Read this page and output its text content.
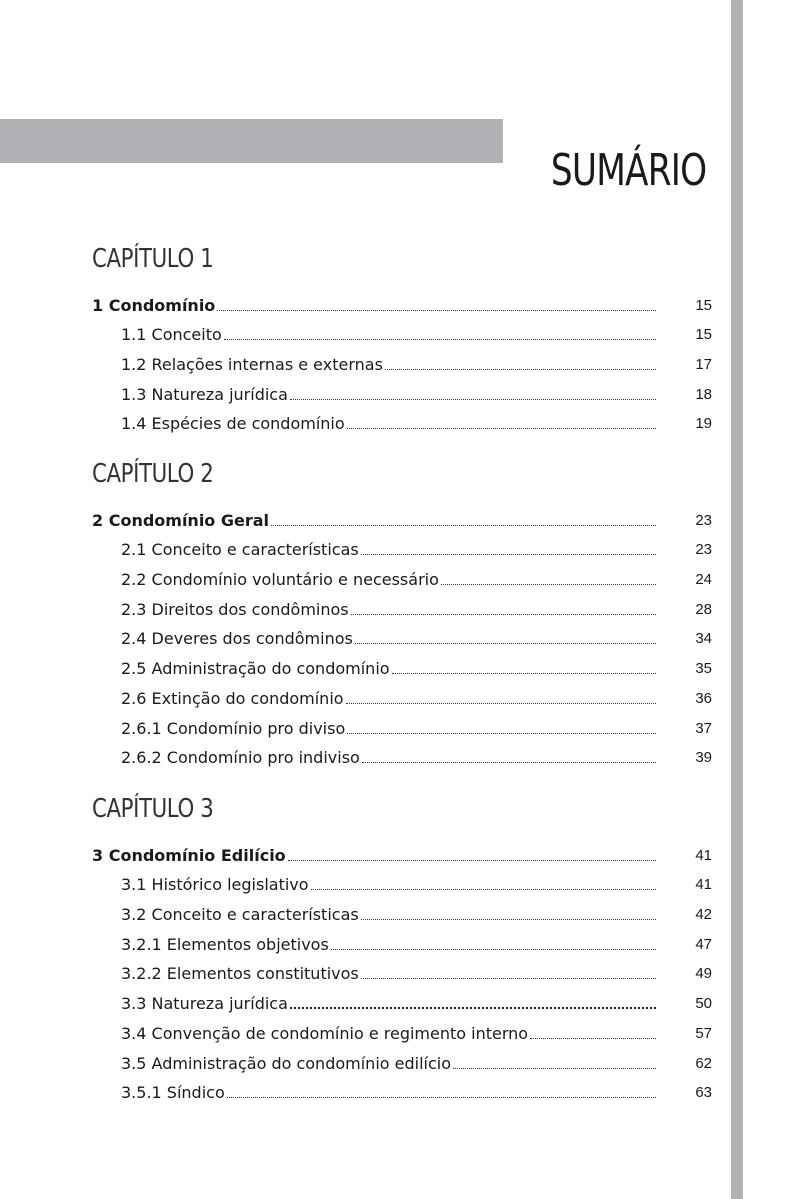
SUMÁRIO
CAPÍTULO 1
1 Condomínio	15
1.1 Conceito	15
1.2 Relações internas e externas	17
1.3 Natureza jurídica	18
1.4 Espécies de condomínio	19
CAPÍTULO 2
2 Condomínio Geral	23
2.1 Conceito e características	23
2.2 Condomínio voluntário e necessário	24
2.3 Direitos dos condôminos	28
2.4 Deveres dos condôminos	34
2.5 Administração do condomínio	35
2.6 Extinção do condomínio	36
2.6.1 Condomínio pro diviso	37
2.6.2 Condomínio pro indiviso	39
CAPÍTULO 3
3 Condomínio Edilício	41
3.1 Histórico legislativo	41
3.2 Conceito e características	42
3.2.1 Elementos objetivos	47
3.2.2 Elementos constitutivos	49
3.3 Natureza jurídica	50
3.4 Convenção de condomínio e regimento interno	57
3.5 Administração do condomínio edilício	62
3.5.1 Síndico	63
